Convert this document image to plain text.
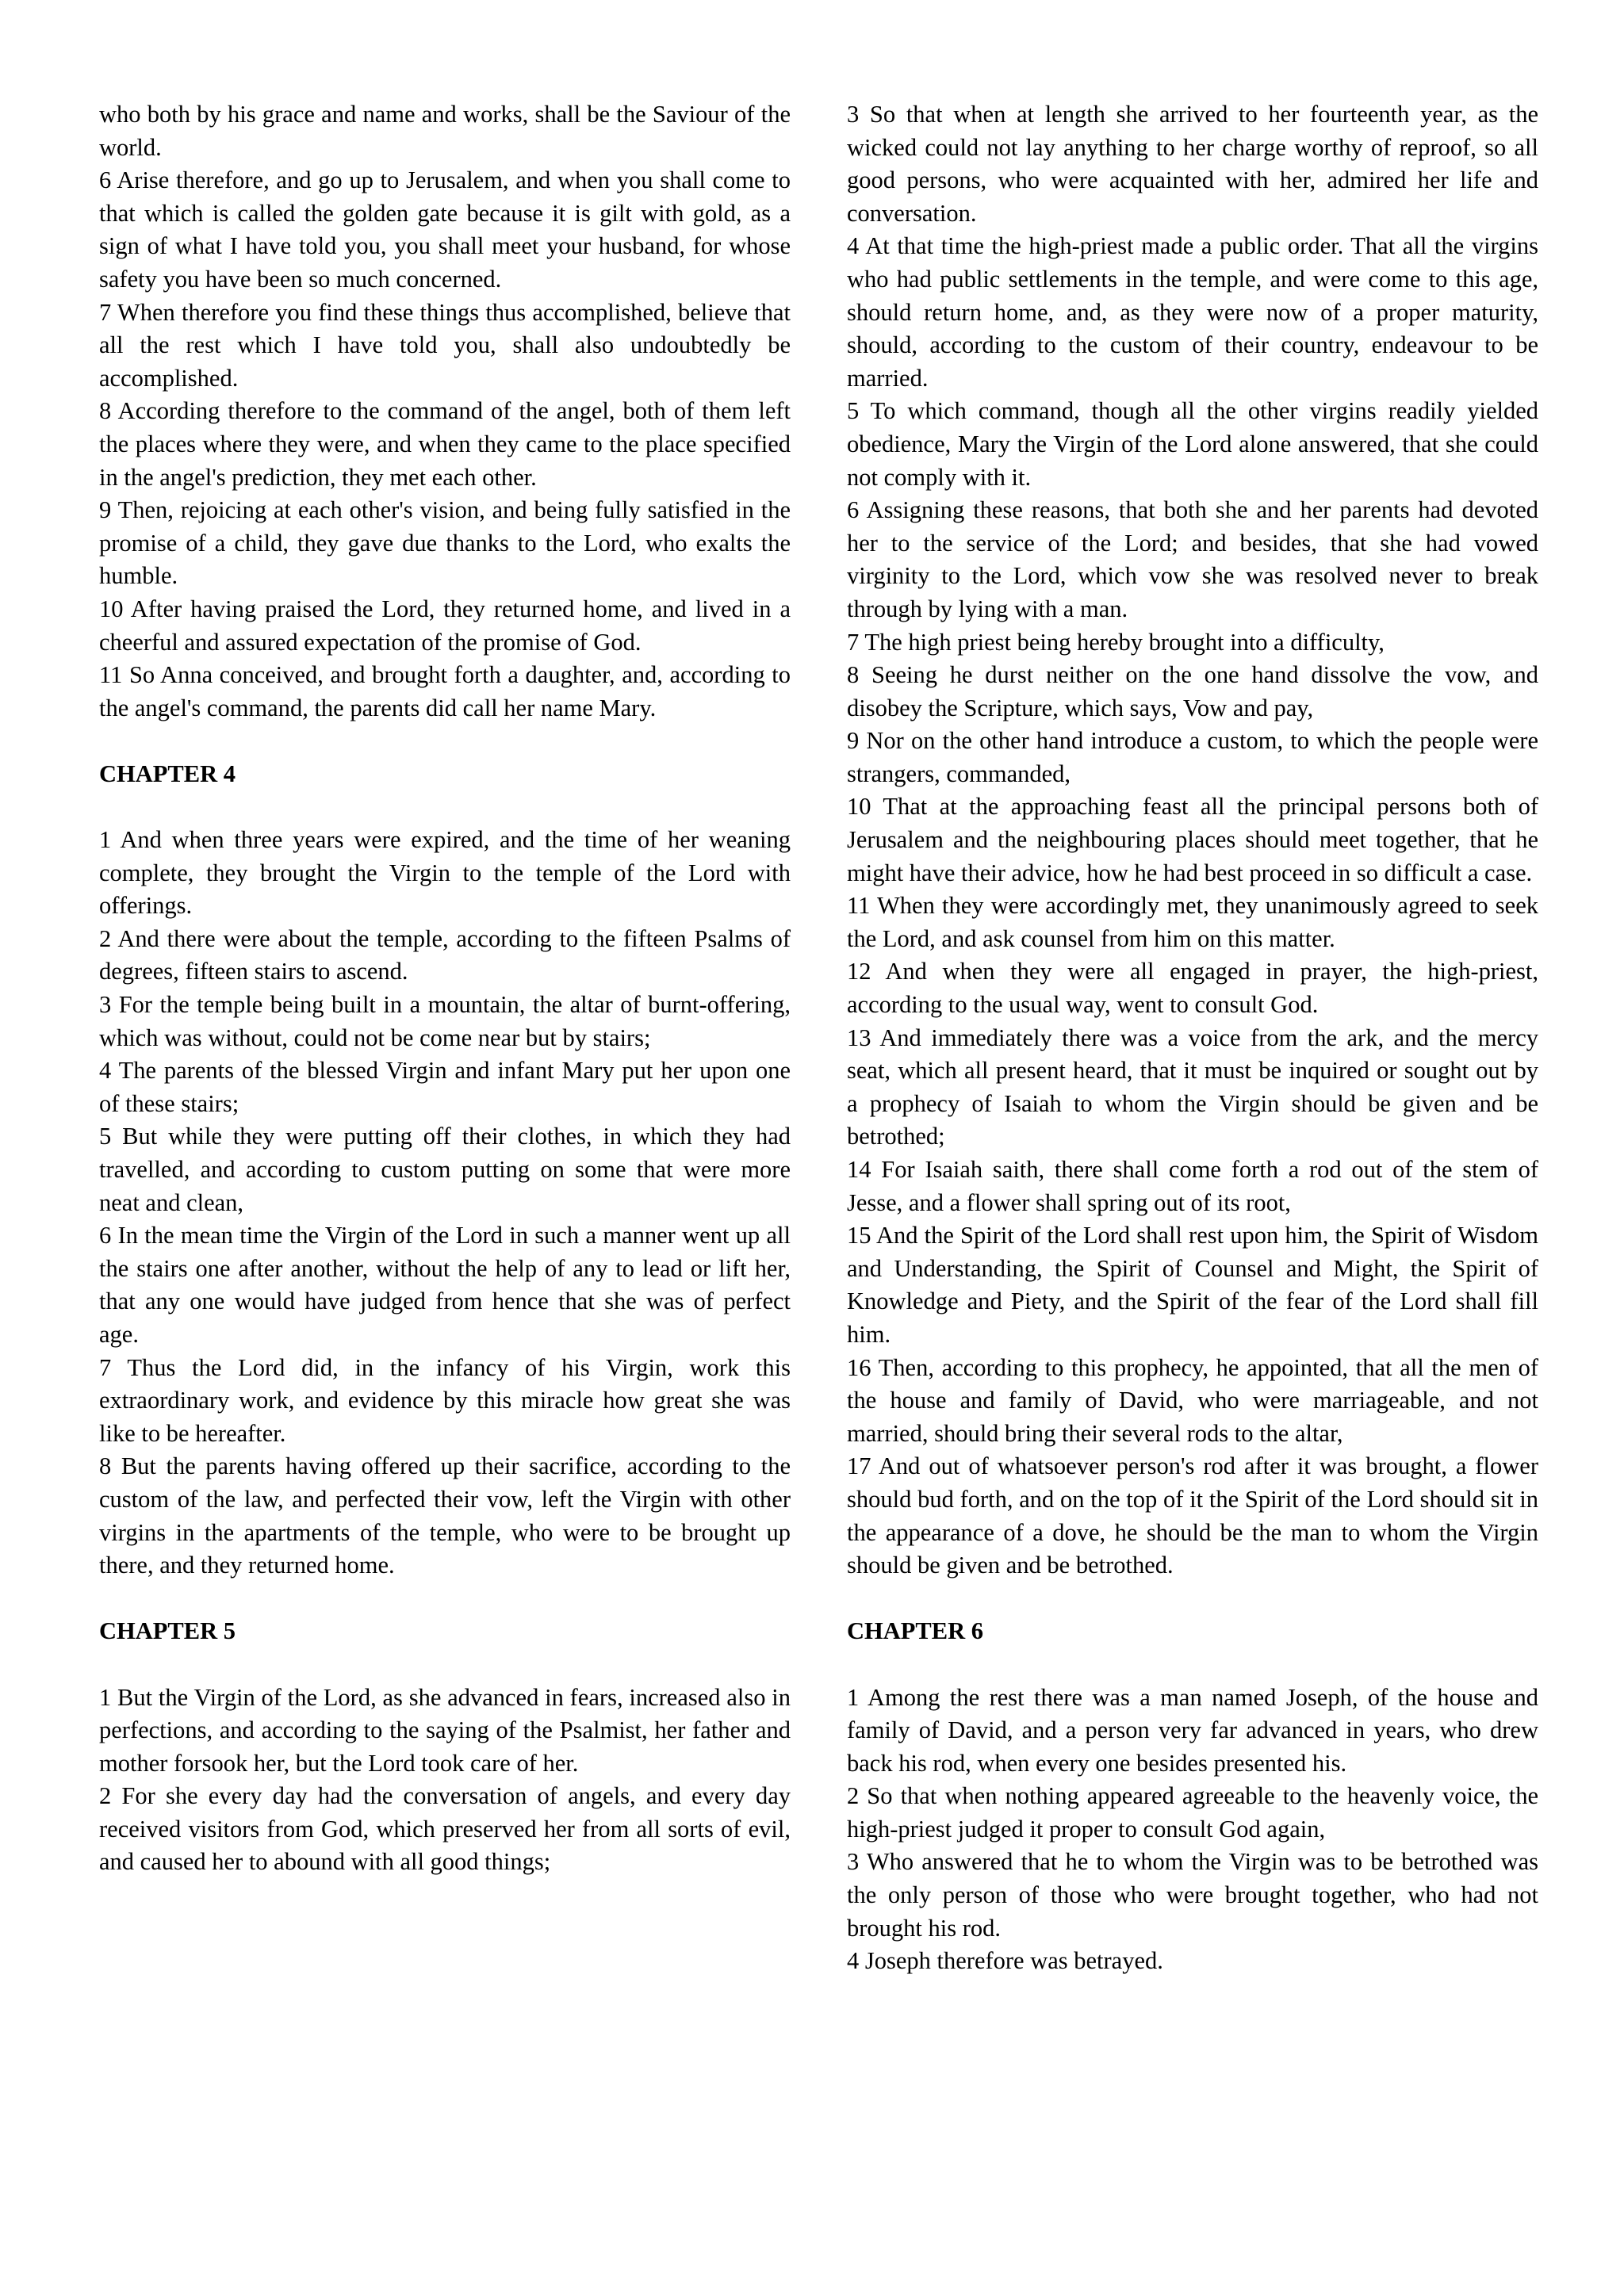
who both by his grace and name and works, shall be the Saviour of the world.

6 Arise therefore, and go up to Jerusalem, and when you shall come to that which is called the golden gate because it is gilt with gold, as a sign of what I have told you, you shall meet your husband, for whose safety you have been so much concerned.

7 When therefore you find these things thus accomplished, believe that all the rest which I have told you, shall also undoubtedly be accomplished.

8 According therefore to the command of the angel, both of them left the places where they were, and when they came to the place specified in the angel's prediction, they met each other.

9 Then, rejoicing at each other's vision, and being fully satisfied in the promise of a child, they gave due thanks to the Lord, who exalts the humble.

10 After having praised the Lord, they returned home, and lived in a cheerful and assured expectation of the promise of God.

11 So Anna conceived, and brought forth a daughter, and, according to the angel's command, the parents did call her name Mary.

CHAPTER 4

1 And when three years were expired, and the time of her weaning complete, they brought the Virgin to the temple of the Lord with offerings.

2 And there were about the temple, according to the fifteen Psalms of degrees, fifteen stairs to ascend.

3 For the temple being built in a mountain, the altar of burnt-offering, which was without, could not be come near but by stairs;

4 The parents of the blessed Virgin and infant Mary put her upon one of these stairs;

5 But while they were putting off their clothes, in which they had travelled, and according to custom putting on some that were more neat and clean,

6 In the mean time the Virgin of the Lord in such a manner went up all the stairs one after another, without the help of any to lead or lift her, that any one would have judged from hence that she was of perfect age.

7 Thus the Lord did, in the infancy of his Virgin, work this extraordinary work, and evidence by this miracle how great she was like to be hereafter.

8 But the parents having offered up their sacrifice, according to the custom of the law, and perfected their vow, left the Virgin with other virgins in the apartments of the temple, who were to be brought up there, and they returned home.

CHAPTER 5

1 But the Virgin of the Lord, as she advanced in fears, increased also in perfections, and according to the saying of the Psalmist, her father and mother forsook her, but the Lord took care of her.

2 For she every day had the conversation of angels, and every day received visitors from God, which preserved her from all sorts of evil, and caused her to abound with all good things;

3 So that when at length she arrived to her fourteenth year, as the wicked could not lay anything to her charge worthy of reproof, so all good persons, who were acquainted with her, admired her life and conversation.

4 At that time the high-priest made a public order. That all the virgins who had public settlements in the temple, and were come to this age, should return home, and, as they were now of a proper maturity, should, according to the custom of their country, endeavour to be married.

5 To which command, though all the other virgins readily yielded obedience, Mary the Virgin of the Lord alone answered, that she could not comply with it.

6 Assigning these reasons, that both she and her parents had devoted her to the service of the Lord; and besides, that she had vowed virginity to the Lord, which vow she was resolved never to break through by lying with a man.

7 The high priest being hereby brought into a difficulty,

8 Seeing he durst neither on the one hand dissolve the vow, and disobey the Scripture, which says, Vow and pay,

9 Nor on the other hand introduce a custom, to which the people were strangers, commanded,

10 That at the approaching feast all the principal persons both of Jerusalem and the neighbouring places should meet together, that he might have their advice, how he had best proceed in so difficult a case.

11 When they were accordingly met, they unanimously agreed to seek the Lord, and ask counsel from him on this matter.

12 And when they were all engaged in prayer, the high-priest, according to the usual way, went to consult God.

13 And immediately there was a voice from the ark, and the mercy seat, which all present heard, that it must be inquired or sought out by a prophecy of Isaiah to whom the Virgin should be given and be betrothed;

14 For Isaiah saith, there shall come forth a rod out of the stem of Jesse, and a flower shall spring out of its root,

15 And the Spirit of the Lord shall rest upon him, the Spirit of Wisdom and Understanding, the Spirit of Counsel and Might, the Spirit of Knowledge and Piety, and the Spirit of the fear of the Lord shall fill him.

16 Then, according to this prophecy, he appointed, that all the men of the house and family of David, who were marriageable, and not married, should bring their several rods to the altar,

17 And out of whatsoever person's rod after it was brought, a flower should bud forth, and on the top of it the Spirit of the Lord should sit in the appearance of a dove, he should be the man to whom the Virgin should be given and be betrothed.

CHAPTER 6

1 Among the rest there was a man named Joseph, of the house and family of David, and a person very far advanced in years, who drew back his rod, when every one besides presented his.

2 So that when nothing appeared agreeable to the heavenly voice, the high-priest judged it proper to consult God again,

3 Who answered that he to whom the Virgin was to be betrothed was the only person of those who were brought together, who had not brought his rod.

4 Joseph therefore was betrayed.
